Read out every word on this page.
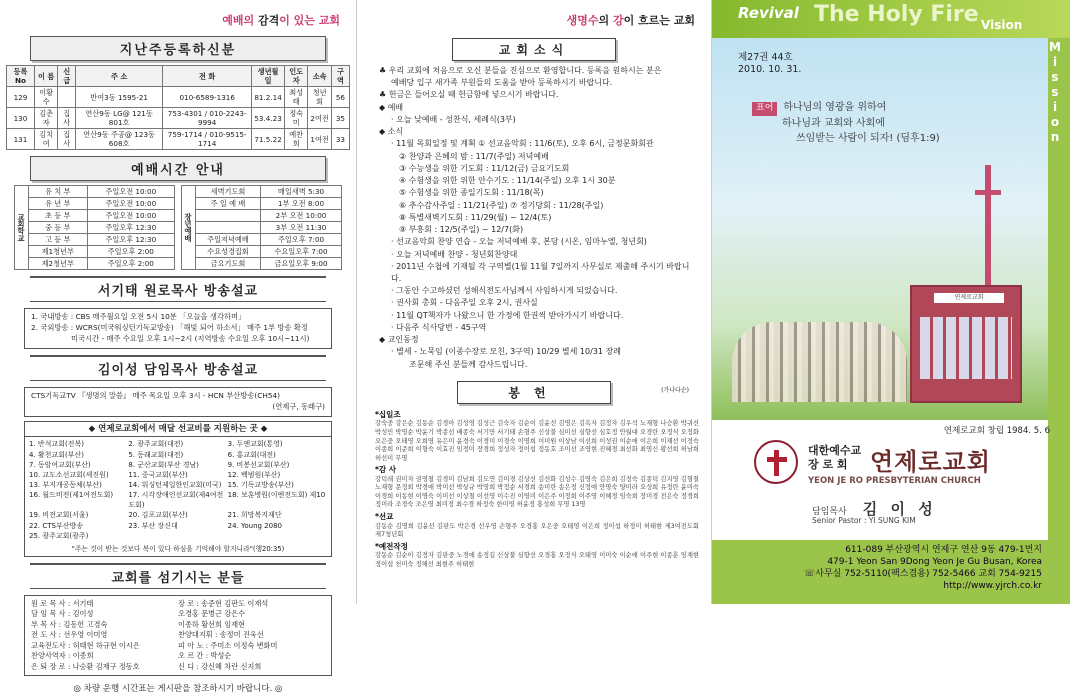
예배의 감격이 있는 교회
지난주등록하신분
등록No	이 름	신급	주 소	전 화	생년월일	인도자	소속	구역
129	이황수		반여3동 1595-21	010-6589-1316	81.2.14	최성태	청년회	56
130	김춘자	집사	연산9동 LG@ 121동 801호	753-4301 / 010-2243-9994	53.4.23	정숙미	2여전	35
131	김치여	집사	연산9동 주공@ 123동 608호	759-1714 / 010-9515-1714	71.5.22	예찬희	1여전	33
예배시간 안내
교회학교	유 치 부	주일오전 10:00
	유 년 부	주일오전 10:00
	초 등 부	주일오전 10:00
	중 등 부	주일오후 12:30
	고 등 부	주일오후 12:30
	제1청년부	주일오후 2:00
	제2청년부	주일오후 2:00
장년예배	새벽기도회	매일새벽 5:30
	주 일 예 배	1부 오전 8:00
		2부 오전 10:00
		3부 오전 11:30
	주일저녁예배	주일오후 7:00
	수요성경집회	수요일오후 7:00
	금요기도회	금요일오후 9:00
서기태 원로목사 방송설교
1. 국내방송 : CBS 매주월요일 오전 5시 10분 「오늘을 생각하며」
2. 국외방송 : WCRS(미국워싱턴기독교방송) 「해빛 되어 하소서」 매주 1부 방송 확정
미국시간 - 매주 수요일 오후 1시~2시 (지역방송 수요일 오후 10시~11시)
김이성 담임목사 방송설교
CTS기독교TV 『생명의 말씀』 매주 목요일 오후 3시 - HCN 부산방송(CH54)
(연제구, 동래구)
◆ 연제로교회에서 매달 선교비를 지원하는 곳 ◆
1. 반석교회(전북)	2. 광주교회(대전)	3. 두앤교회(통영)
4. 활천교회(부산)	5. 동래교회(대전)	6. 홍교회(대전)
7. 동암여교회(부산)	8. 군산교회(부산 경남)	9. 비봉선교회(부산)
10. 교도소선교회(세진원)	11. 중국교회(부산)	12. 백범원(부산)
13. 부지개공동체(부산)	14. 워싱턴제일한인교회(미국) 15. 기독교방송(부산)
16. 월드비전(제1여전도회)	17. 시각장애인선교회(제4여전도회)
18. 보훈병원(이엔전도회) 제10
19. 비전교회(서울)	20. 김포교회(부산)	21. 희망복지재단
22. CTS부산방송	23. 부산 장신대	24. Young 2080
25. 광주교회(광주)
"주는 것이 받는 것보다 복이 있다 하심을 기억해야 할지니라"(행20:35)
교회를 섬기시는 분들
원 로 목 사 : 서기태
담 임 목 사 : 김이성
부 목 사 : 김동헌 고경숙
전 도 사 : 선우영 이미영
교육전도사 : 허태현 하규현 이시은
찬양사역자 : 이종희
은 퇴 장 로 : 나승환 김재구 정동호
장 로 : 송준현 김판도 이재석
오경홍 문병근 강은수
이종하 황선희 임재현
찬양대지휘 : 송정미 진욱선
피 아 노 : 주미소 이정숙 변화미
오 르 간 : 박성순
신 디 : 강신혜 차란 신지희
◎ 차량 운행 시간표는 게시판을 참조하시기 바랍니다. ◎
생명수의 강이 흐르는 교회
교회소식
♣ 우리 교회에 처음으로 오신 분들을 진심으로 환영합니다. 등록을 원하시는 분은
예배당 입구 새가족 부원들의 도움을 받아 등록하시기 바랍니다.
♣ 헌금은 들어오실 때 헌금함에 넣으시기 바랍니다.
◆ 예배
· 오늘 낮예배 - 성찬식, 세례식(3부)
◆ 소식
· 11월 목회일정 및 계획 ① 선교음악회 : 11/6(토), 오후 6시, 금정문화회관
② 찬양과 은혜의 밤 : 11/7(주일) 저녁예배
③ 수능생을 위한 기도회 : 11/12(금) 금요기도회
④ 수험생을 위한 위한 안수기도 : 11/14(주일) 오후 1시 30분
⑤ 수험생을 위한 종일기도회 : 11/18(목)
⑥ 추수감사주일 : 11/21(주일) ⑦ 정기당회 : 11/28(주일)
⑧ 특별새벽기도회 : 11/29(월) ~ 12/4(토)
⑨ 부흥회 : 12/5(주일) ~ 12/7(화)
· 선교음악회 찬양 연습 - 오늘 저녁예배 후, 본당 (시온, 임마누엘, 청년회)
· 오늘 저녁예배 찬양 - 청년회찬양대
· 2011년 수첩에 기재될 각 구역별(1월 11월 7일까지 사무실로 제출해 주시기 바랍니다.
· 그동안 수고하셨던 성해식전도사님께서 사임하시게 되었습니다.
· 권사회 총회 - 다음주일 오후 2시, 권사실
· 11월 QT책자가 나왔으니 한 가정에 한권씩 받아가시기 바랍니다.
· 다음주 식사당번 - 45구역
◆ 교인동정
· 별세 - 노묵임 (이종수장로 모친, 3구역) 10/29 별세 10/31 장례
조문해 주신 분들께 감사드립니다.
봉헌	(가나다순)
*십일조
강숙중 강은순 김동순 김경아 김성영 김성근 김숙자 김순이 김윤선 김명은 김옥자 김정자 김우석 노재형 나승환 박귀선 박성민 박영순 박윤기 박종선 배종숙 서기만 서기태 손형주 신상불 심미선 심향선 심호정 안월대 오경란 오정식 오정화 오은중 오태영 오희영 유은미 윤경숙 이경미 이경숙 이명희 이미원 이상남 이선희 이성권 이순애 이은희 이재선 이정숙 이종희 이준희 이형숙 이효진 임정미 장경희 정성자 정이섭 정동호 조미선 조영현 진혜경 최선화 최영신 황선희 허남희 허선미 무명
*감 사
강덕래 권미자 권영철 김경미 김남희 김도연 김미경 김상선 김선화 김성수 김영숙 김은희 김정숙 김종덕 김지영 김형철 노재형 문정희 박경애 박미선 박상규 박영희 박정순 서경희 송미란 송은정 신정애 안명숙 양미라 오성희 유정란 윤미숙 이경희 이동현 이명숙 이미선 이상철 이선영 이수진 이영미 이은주 이정희 이주영 이혜경 임숙희 장미경 전은숙 정경희 정미라 조경숙 조은영 최미정 최수경 하정숙 한미영 허윤정 홍성희 무명 13명
*선교
김동순 김명희 김윤선 김판도 박은경 선우영 손형주 오경홍 오은중 오태영 이은희 정이섭 하정미 허태현 제3여전도회 제7청년회
*예전작정
강동순 김순이 김정자 김판중 노경애 송정길 신상불 심향선 오경홍 오정식 오태영 이미숙 이순애 이주현 이종훈 임재현 정이섭 천미숙 정해선 최현주 허태현
Revival The Holy Fire Vision
M
i
s
s
i
o
n
제27권 44호
2010. 10. 31.
표어 하나님의 영광을 위하여
하나님과 교회와 사회에
쓰임받는 사람이 되자! (딤후1:9)
연제로교회
연제로교회 창립 1984. 5. 6
대한예수교
장 로 회 연제로교회
YEON JE RO PRESBYTERIAN CHURCH
담임목사 김 이 성
Senior Pastor : YI SUNG KIM
611-089 부산광역시 연제구 연산 9동 479-1번지
479-1 Yeon San 9Dong Yeon Je Gu Busan, Korea
☏사무실 752-5110(팩스겸용) 752-5466 교회 754-9215
http://www.yjrch.co.kr
